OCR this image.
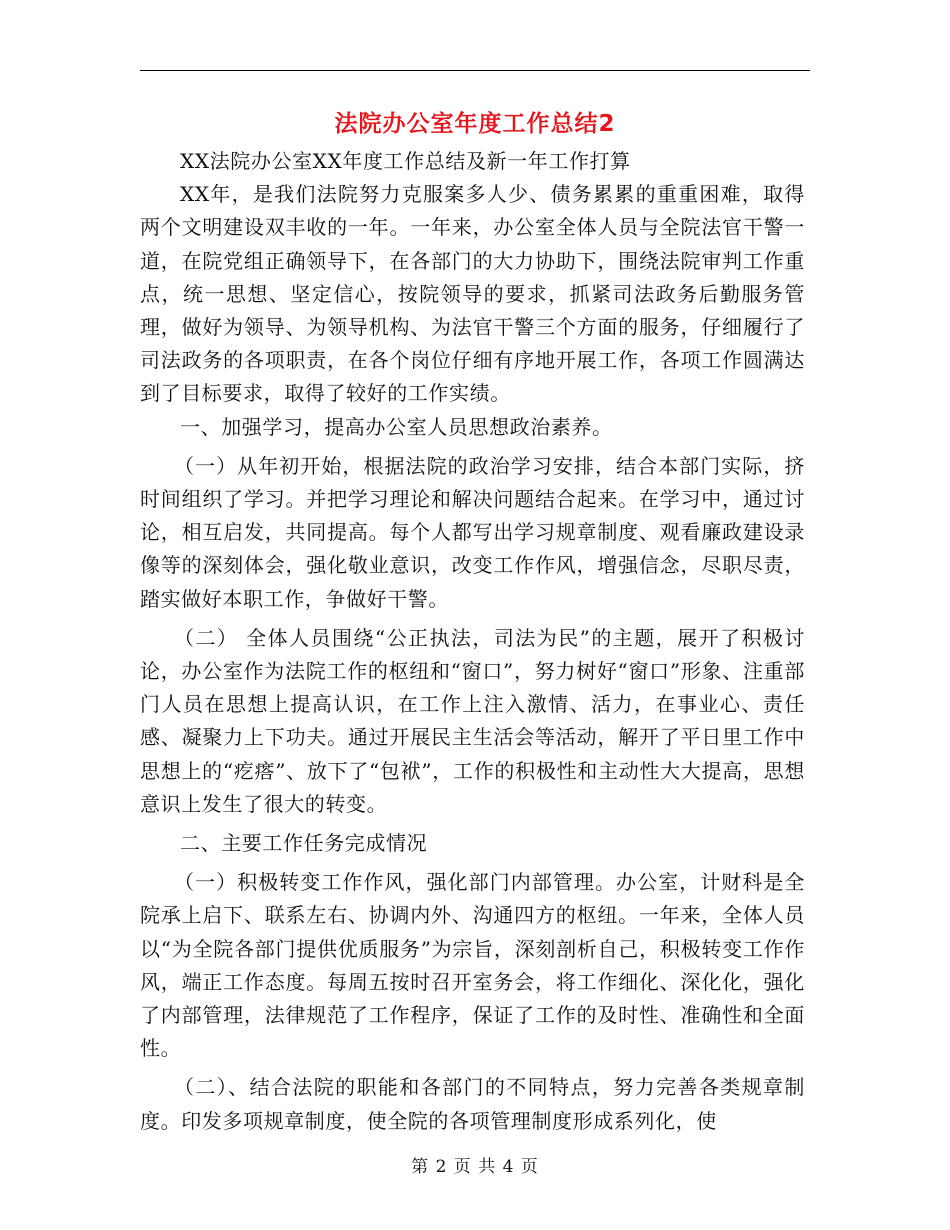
法院办公室年度工作总结2

XX法院办公室XX年度工作总结及新一年工作打算

XX年，是我们法院努力克服案多人少、债务累累的重重困难，取得两个文明建设双丰收的一年。一年来，办公室全体人员与全院法官干警一道，在院党组正确领导下，在各部门的大力协助下，围绕法院审判工作重点，统一思想、坚定信心，按院领导的要求，抓紧司法政务后勤服务管理，做好为领导、为领导机构、为法官干警三个方面的服务，仔细履行了司法政务的各项职责，在各个岗位仔细有序地开展工作，各项工作圆满达到了目标要求，取得了较好的工作实绩。

一、加强学习，提高办公室人员思想政治素养。

（一）从年初开始，根据法院的政治学习安排，结合本部门实际，挤时间组织了学习。并把学习理论和解决问题结合起来。在学习中，通过讨论，相互启发，共同提高。每个人都写出学习规章制度、观看廉政建设录像等的深刻体会，强化敬业意识，改变工作作风，增强信念，尽职尽责，踏实做好本职工作，争做好干警。

（二） 全体人员围绕“公正执法，司法为民”的主题，展开了积极讨论，办公室作为法院工作的枢纽和“窗口”，努力树好“窗口”形象、注重部门人员在思想上提高认识，在工作上注入激情、活力，在事业心、责任感、凝聚力上下功夫。通过开展民主生活会等活动，解开了平日里工作中思想上的“疙瘩”、放下了“包袱”，工作的积极性和主动性大大提高，思想意识上发生了很大的转变。

二、主要工作任务完成情况

（一）积极转变工作作风，强化部门内部管理。办公室，计财科是全院承上启下、联系左右、协调内外、沟通四方的枢纽。一年来，全体人员以“为全院各部门提供优质服务”为宗旨，深刻剖析自己，积极转变工作作风，端正工作态度。每周五按时召开室务会，将工作细化、深化化，强化了内部管理，法律规范了工作程序，保证了工作的及时性、准确性和全面性。

（二）、结合法院的职能和各部门的不同特点，努力完善各类规章制度。印发多项规章制度，使全院的各项管理制度形成系列化，使

第 2 页 共 4 页
